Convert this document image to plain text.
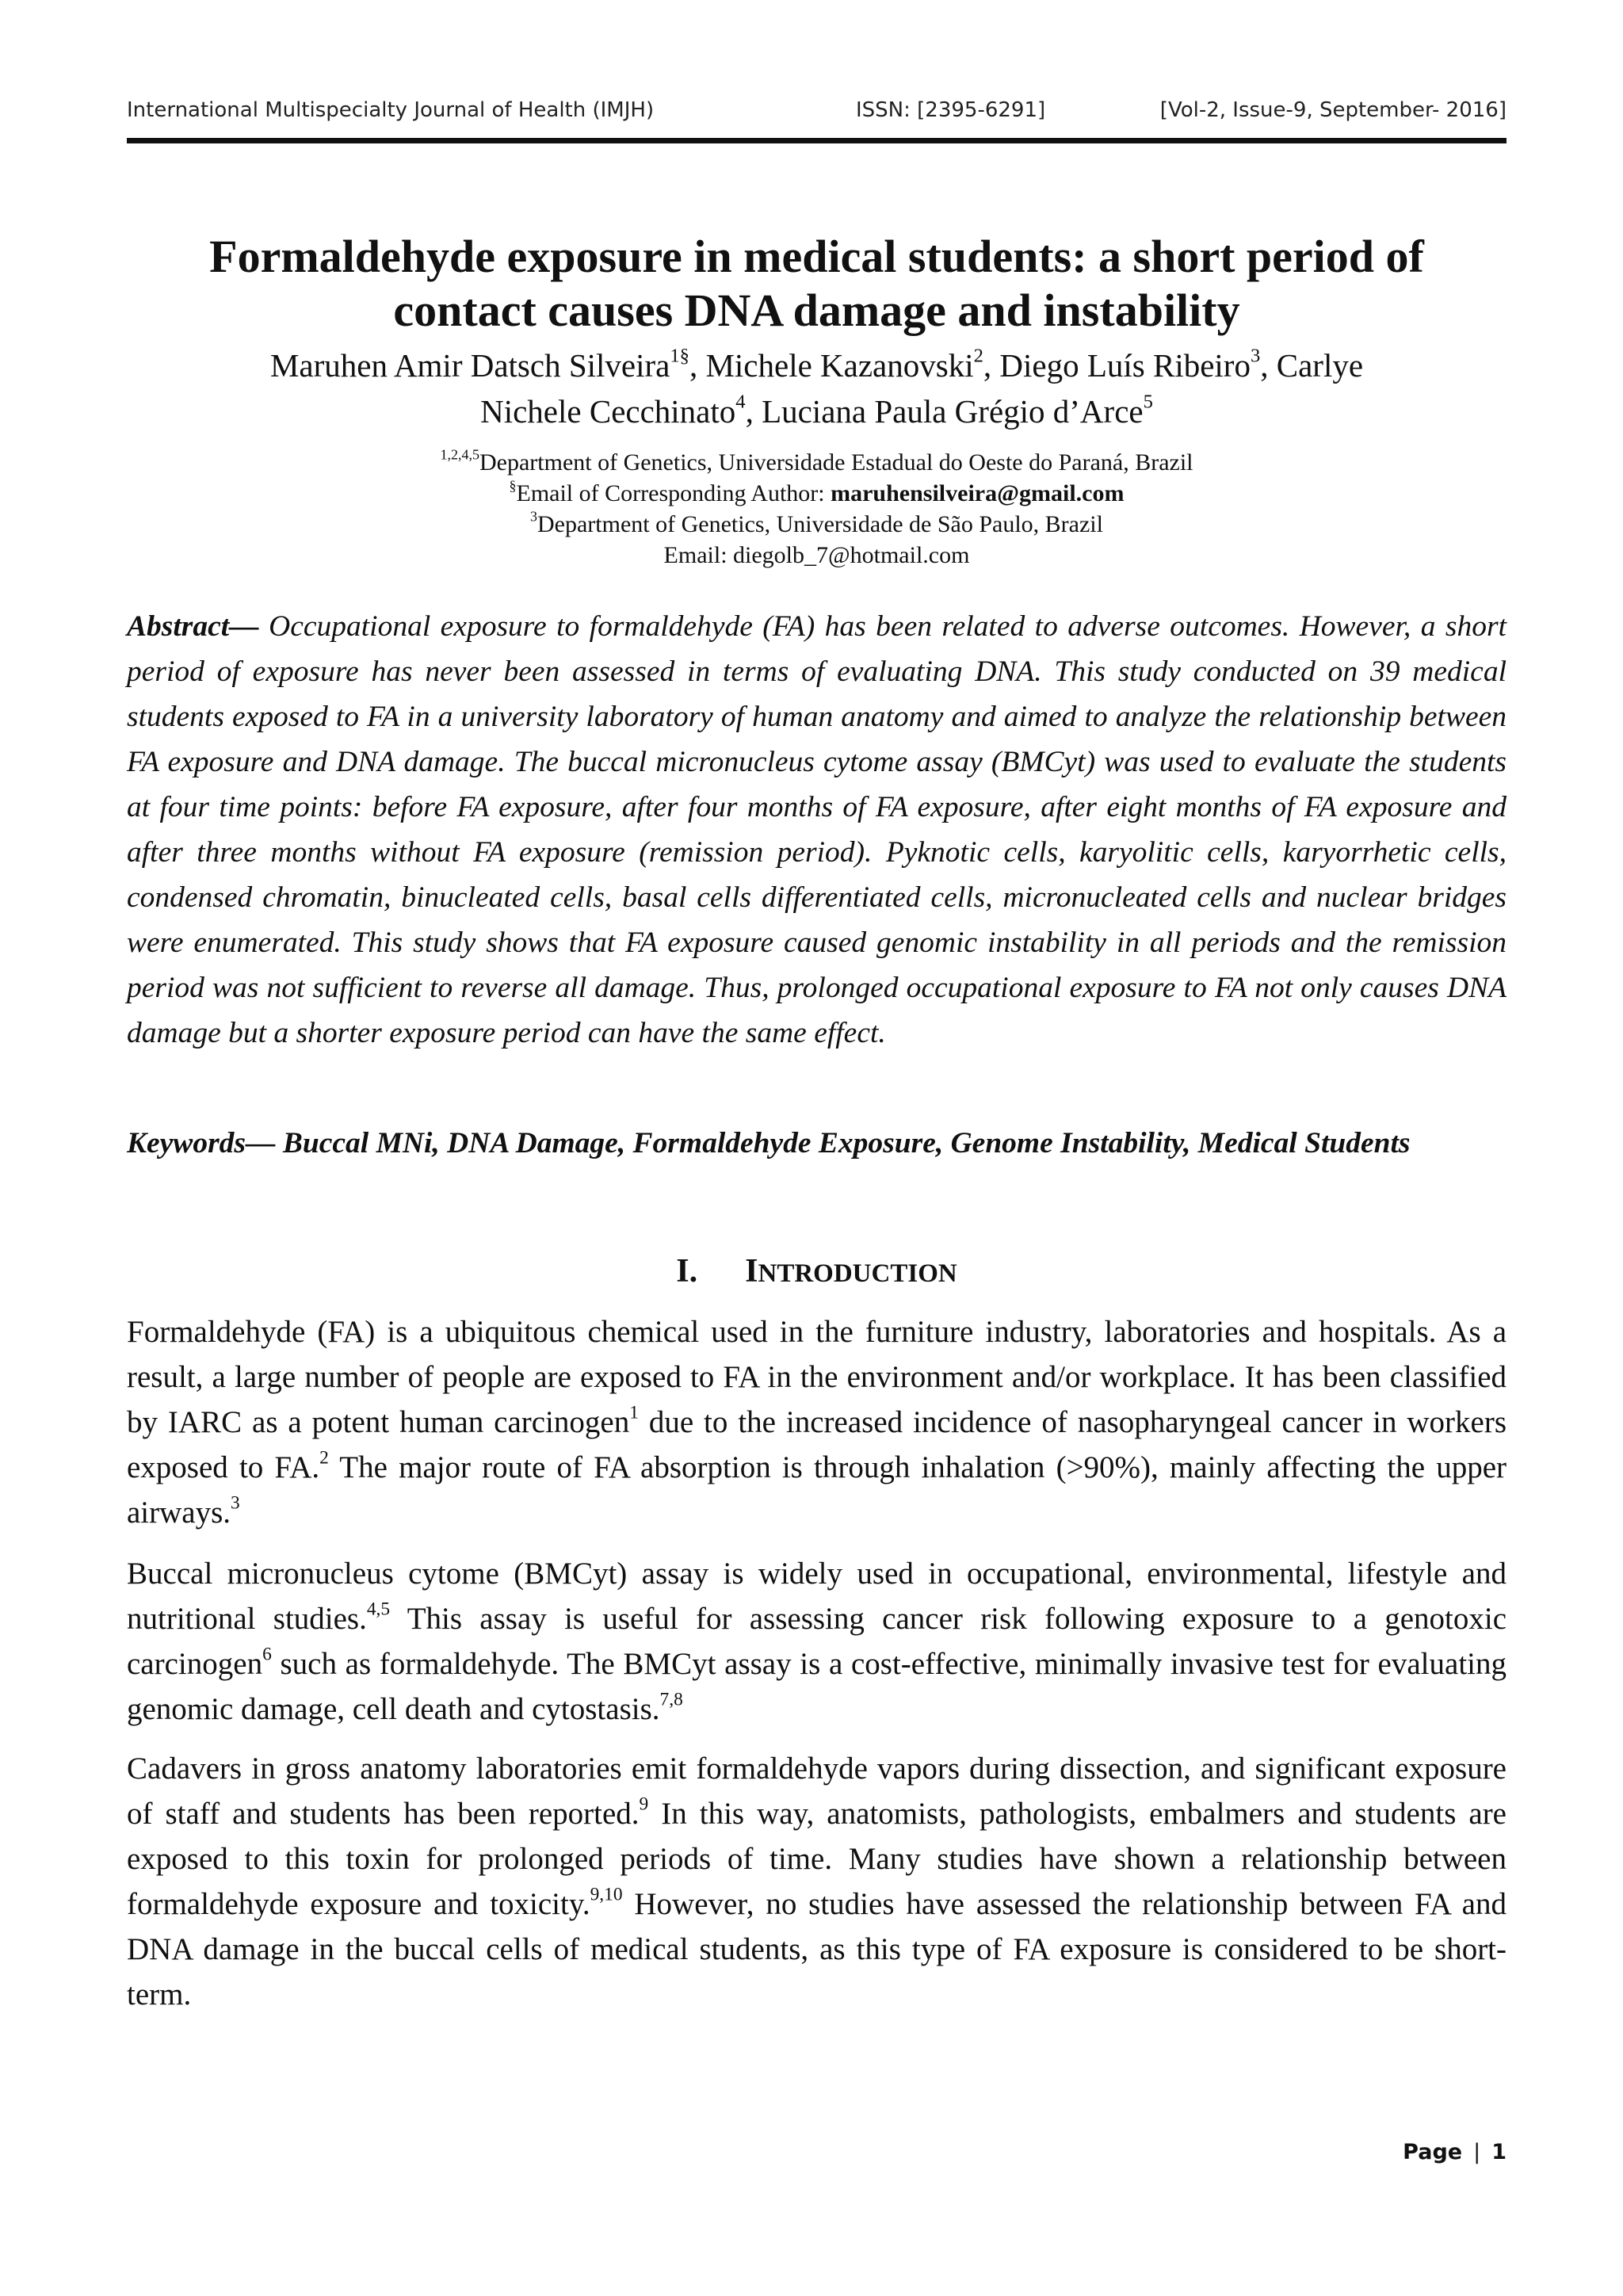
International Multispecialty Journal of Health (IMJH)	ISSN: [2395-6291]	[Vol-2, Issue-9, September- 2016]
Formaldehyde exposure in medical students: a short period of
contact causes DNA damage and instability
Maruhen Amir Datsch Silveira$^{1\S}$, Michele Kazanovski$^2$, Diego Luís Ribeiro$^3$, Carlye
Nichele Cecchinato$^4$, Luciana Paula Grégio d’Arce$^5$
$^{1,2,4,5}$Department of Genetics, Universidade Estadual do Oeste do Paraná, Brazil
§Email of Corresponding Author: maruhensilveira@gmail.com
$^3$Department of Genetics, Universidade de São Paulo, Brazil
Email: diegolb_7@hotmail.com

Abstract— Occupational exposure to formaldehyde (FA) has been related to adverse outcomes. However, a short period of exposure has never been assessed in terms of evaluating DNA. This study conducted on 39 medical students exposed to FA in a university laboratory of human anatomy and aimed to analyze the relationship between FA exposure and DNA damage. The buccal micronucleus cytome assay (BMCyt) was used to evaluate the students at four time points: before FA exposure, after four months of FA exposure, after eight months of FA exposure and after three months without FA exposure (remission period). Pyknotic cells, karyolitic cells, karyorrhetic cells, condensed chromatin, binucleated cells, basal cells differentiated cells, micronucleated cells and nuclear bridges were enumerated. This study shows that FA exposure caused genomic instability in all periods and the remission period was not sufficient to reverse all damage. Thus, prolonged occupational exposure to FA not only causes DNA damage but a shorter exposure period can have the same effect.

Keywords— Buccal MNi, DNA Damage, Formaldehyde Exposure, Genome Instability, Medical Students

I. INTRODUCTION

Formaldehyde (FA) is a ubiquitous chemical used in the furniture industry, laboratories and hospitals. As a result, a large number of people are exposed to FA in the environment and/or workplace. It has been classified by IARC as a potent human carcinogen$^1$ due to the increased incidence of nasopharyngeal cancer in workers exposed to FA.$^2$ The major route of FA absorption is through inhalation (>90%), mainly affecting the upper airways.$^3$

Buccal micronucleus cytome (BMCyt) assay is widely used in occupational, environmental, lifestyle and nutritional studies.$^{4,5}$ This assay is useful for assessing cancer risk following exposure to a genotoxic carcinogen$^6$ such as formaldehyde. The BMCyt assay is a cost-effective, minimally invasive test for evaluating genomic damage, cell death and cytostasis.$^{7,8}$

Cadavers in gross anatomy laboratories emit formaldehyde vapors during dissection, and significant exposure of staff and students has been reported.$^9$ In this way, anatomists, pathologists, embalmers and students are exposed to this toxin for prolonged periods of time. Many studies have shown a relationship between formaldehyde exposure and toxicity.$^{9,10}$ However, no studies have assessed the relationship between FA and DNA damage in the buccal cells of medical students, as this type of FA exposure is considered to be short-term.

Page | 1
